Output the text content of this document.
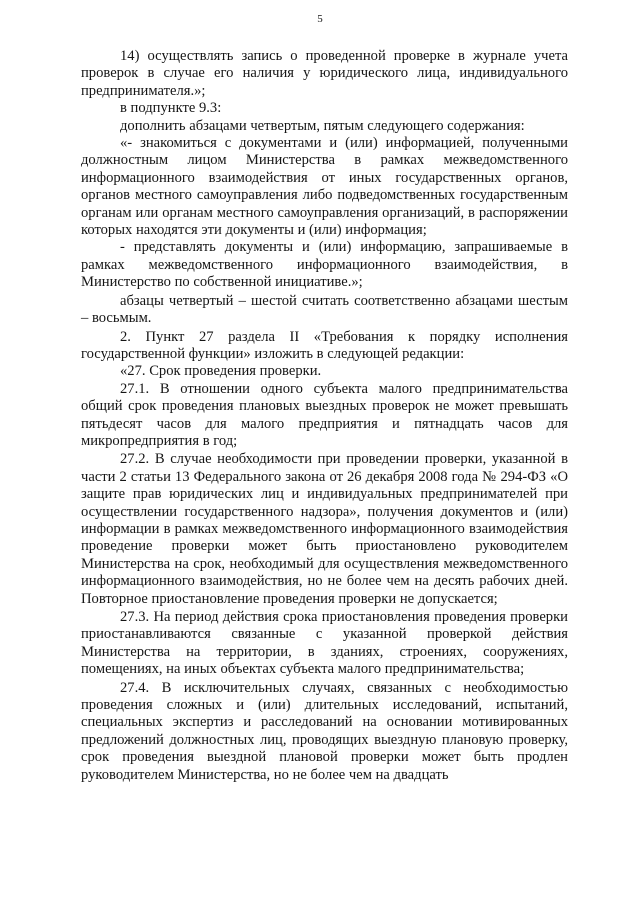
5

14) осуществлять запись о проведенной проверке в журнале учета проверок в случае его наличия у юридического лица, индивидуального предпринимателя.»;

в подпункте 9.3:

дополнить абзацами четвертым, пятым следующего содержания:

«- знакомиться с документами и (или) информацией, полученными должностным лицом Министерства в рамках межведомственного информационного взаимодействия от иных государственных органов, органов местного самоуправления либо подведомственных государственным органам или органам местного самоуправления организаций, в распоряжении которых находятся эти документы и (или) информация;

- представлять документы и (или) информацию, запрашиваемые в рамках межведомственного информационного взаимодействия, в Министерство по собственной инициативе.»;

абзацы четвертый – шестой считать соответственно абзацами шестым – восьмым.

2. Пункт 27 раздела II «Требования к порядку исполнения государственной функции» изложить в следующей редакции:

«27. Срок проведения проверки.

27.1. В отношении одного субъекта малого предпринимательства общий срок проведения плановых выездных проверок не может превышать пятьдесят часов для малого предприятия и пятнадцать часов для микропредприятия в год;

27.2. В случае необходимости при проведении проверки, указанной в части 2 статьи 13 Федерального закона от 26 декабря 2008 года № 294-ФЗ «О защите прав юридических лиц и индивидуальных предпринимателей при осуществлении государственного надзора», получения документов и (или) информации в рамках межведомственного информационного взаимодействия проведение проверки может быть приостановлено руководителем Министерства на срок, необходимый для осуществления межведомственного информационного взаимодействия, но не более чем на десять рабочих дней. Повторное приостановление проведения проверки не допускается;

27.3. На период действия срока приостановления проведения проверки приостанавливаются связанные с указанной проверкой действия Министерства на территории, в зданиях, строениях, сооружениях, помещениях, на иных объектах субъекта малого предпринимательства;

27.4. В исключительных случаях, связанных с необходимостью проведения сложных и (или) длительных исследований, испытаний, специальных экспертиз и расследований на основании мотивированных предложений должностных лиц, проводящих выездную плановую проверку, срок проведения выездной плановой проверки может быть продлен руководителем Министерства, но не более чем на двадцать
